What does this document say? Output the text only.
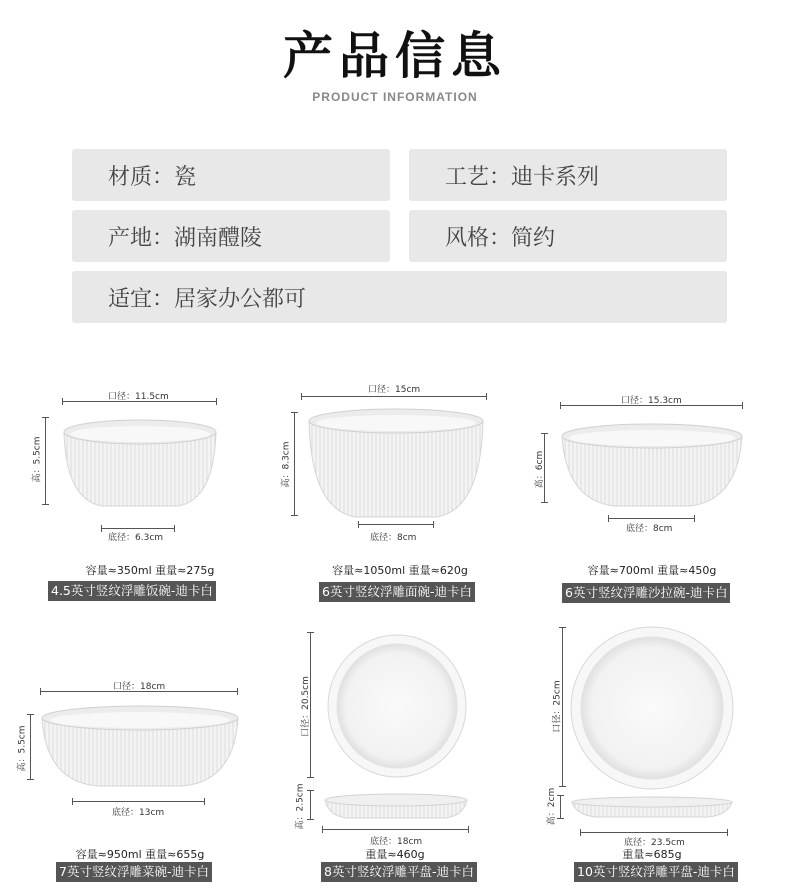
产品信息
PRODUCT INFORMATION
材质 ：	瓷	工艺 ：	迪卡系列
产地 ：	湖南醴陵	风格 ：	简约
适宜 ：	居家办公都可
口径：11.5cm
高：5.5cm
底径：6.3cm
容量≈350ml 重量≈275g
4.5英寸竖纹浮雕饭碗-迪卡白
口径：15cm
高：8.3cm
底径：8cm
容量≈1050ml 重量≈620g
6英寸竖纹浮雕面碗-迪卡白
口径：15.3cm
高：6cm
底径：8cm
容量≈700ml 重量≈450g
6英寸竖纹浮雕沙拉碗-迪卡白
口径：18cm
高：5.5cm
底径：13cm
容量≈950ml 重量≈655g
7英寸竖纹浮雕菜碗-迪卡白
口径：20.5cm
高：2.5cm
底径：18cm
重量≈460g
8英寸竖纹浮雕平盘-迪卡白
口径：25cm
高：2cm
底径：23.5cm
重量≈685g
10英寸竖纹浮雕平盘-迪卡白
